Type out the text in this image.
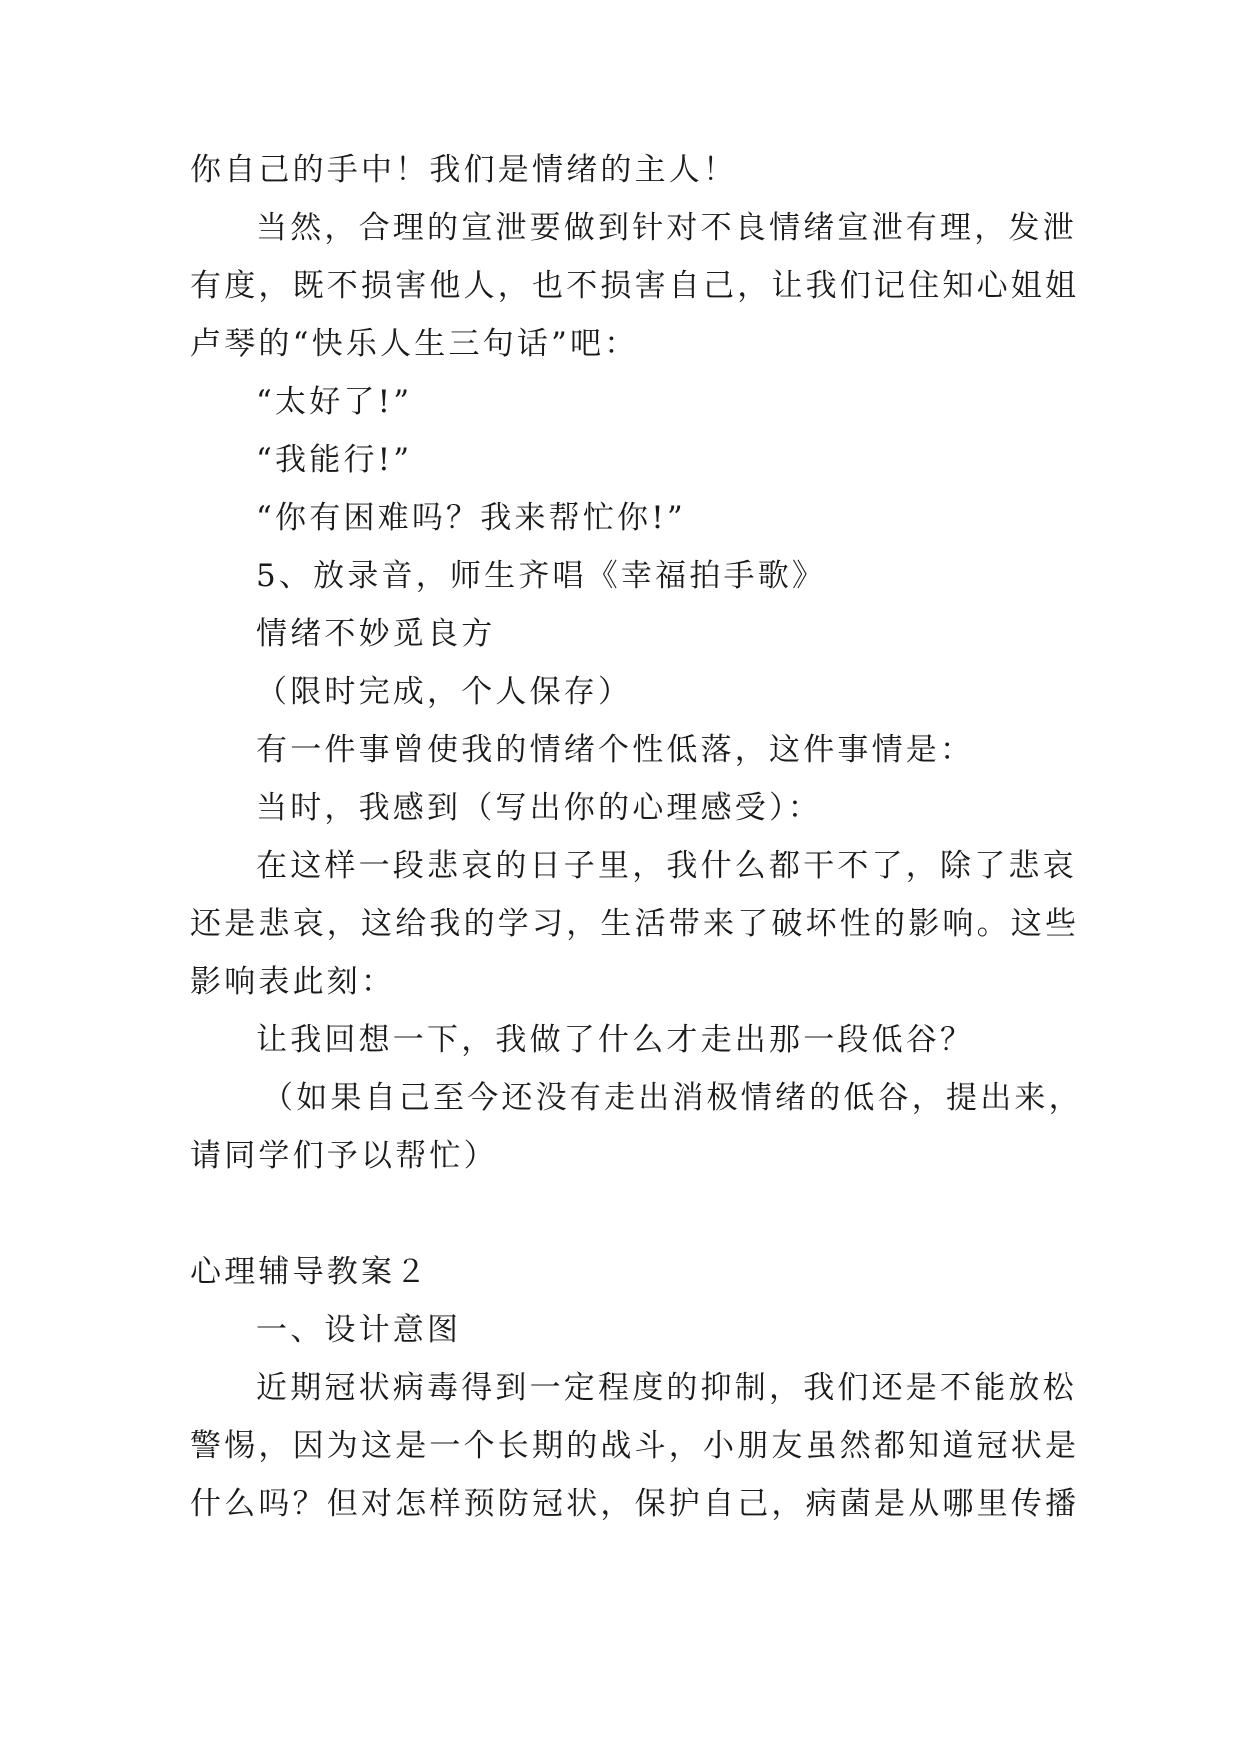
你自己的手中！我们是情绪的主人！
当然，合理的宣泄要做到针对不良情绪宣泄有理，发泄
有度，既不损害他人，也不损害自己，让我们记住知心姐姐
卢琴的“快乐人生三句话”吧：
“太好了!”
“我能行!”
“你有困难吗？我来帮忙你!”
5、放录音，师生齐唱《幸福拍手歌》
情绪不妙觅良方
（限时完成，个人保存）
有一件事曾使我的情绪个性低落，这件事情是：
当时，我感到（写出你的心理感受）：
在这样一段悲哀的日子里，我什么都干不了，除了悲哀
还是悲哀，这给我的学习，生活带来了破坏性的影响。这些
影响表此刻：
让我回想一下，我做了什么才走出那一段低谷？
（如果自己至今还没有走出消极情绪的低谷，提出来，
请同学们予以帮忙）
心理辅导教案２
一、设计意图
近期冠状病毒得到一定程度的抑制，我们还是不能放松
警惕，因为这是一个长期的战斗，小朋友虽然都知道冠状是
什么吗？但对怎样预防冠状，保护自己，病菌是从哪里传播
